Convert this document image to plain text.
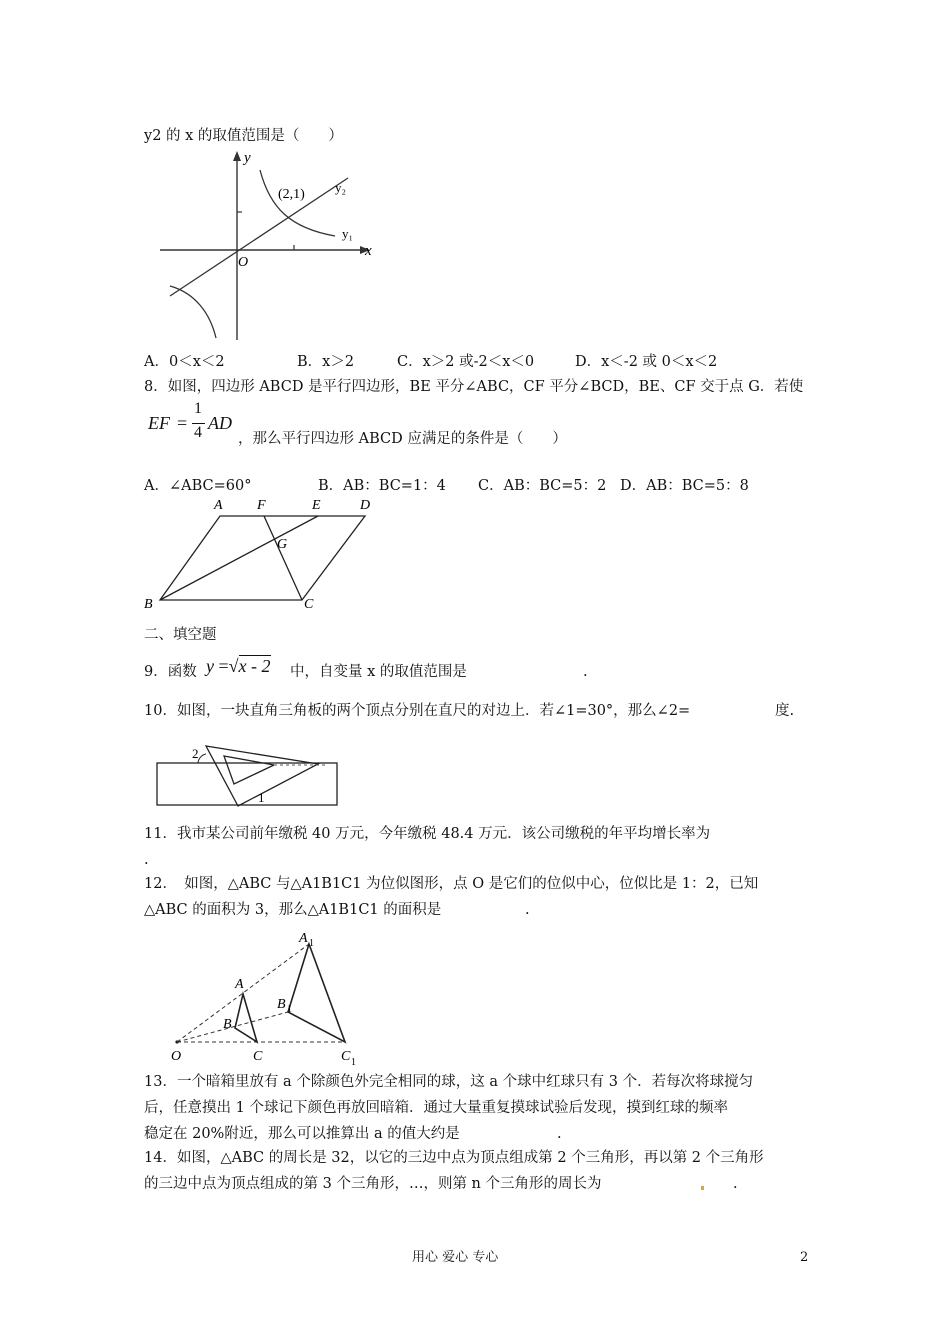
y2 的 x 的取值范围是（　　）
y
x
O
(2,1) y₂
y₁
A．0＜x＜2	B．x＞2	C．x＞2 或-2＜x＜0	D．x＜-2 或 0＜x＜2
8．如图，四边形 ABCD 是平行四边形，BE 平分∠ABC，CF 平分∠BCD，BE、CF 交于点 G．若使
EF =
1
4 AD
，那么平行四边形 ABCD 应满足的条件是（　　）
A．∠ABC=60°	B．AB：BC=1：4 C．AB：BC=5：2 D．AB：BC=5：8
A F	E	D
G
B	C
二、填空题
9．函数 y =√x - 2 中，自变量 x 的取值范围是	.
10．如图，一块直角三角板的两个顶点分别在直尺的对边上．若∠1=30°，那么∠2=	度.
2
1
11．我市某公司前年缴税 40 万元，今年缴税 48.4 万元．该公司缴税的年平均增长率为
.
12．　如图，△ABC 与△A1B1C1 为位似图形，点 O 是它们的位似中心，位似比是 1：2，已知
△ABC 的面积为 3，那么△A1B1C1 的面积是	.
O
A
B
C
A 1
B 1
C 1
13．一个暗箱里放有 a 个除颜色外完全相同的球，这 a 个球中红球只有 3 个．若每次将球搅匀
后，任意摸出 1 个球记下颜色再放回暗箱．通过大量重复摸球试验后发现，摸到红球的频率
稳定在 20%附近，那么可以推算出 a 的值大约是	.
14．如图，△ABC 的周长是 32，以它的三边中点为顶点组成第 2 个三角形，再以第 2 个三角形
的三边中点为顶点组成的第 3 个三角形，…，则第 n 个三角形的周长为	.
用心 爱心 专心	2
